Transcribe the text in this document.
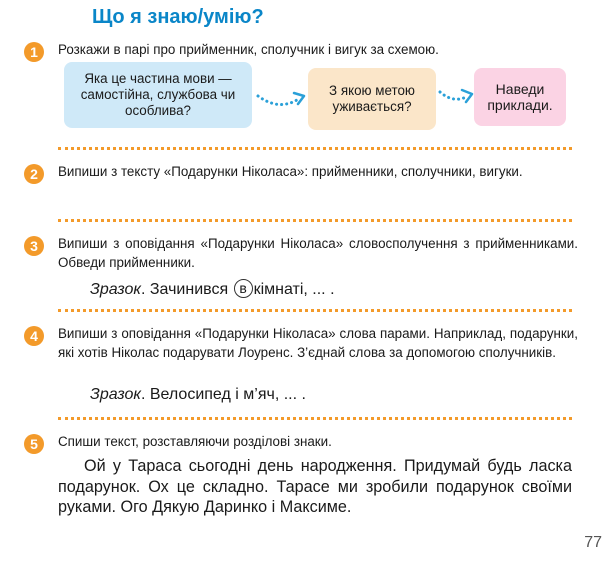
Що я знаю/умію?
1	Розкажи в парі про прийменник, сполучник і вигук за схемою.
Яка це частина мови — самостійна, службова чи особлива?
З якою метою уживається?
Наведи приклади.
2	Випиши з тексту «Подарунки Ніколаса»: прийменники, сполучники, вигуки.
3	Випиши з оповідання «Подарунки Ніколаса» словосполучення з прийменниками. Обведи прийменники.
Зразок. Зачинився в кімнаті, ... .
4	Випиши з оповідання «Подарунки Ніколаса» слова парами. Наприклад, подарунки, які хотів Ніколас подарувати Лоуренс. З’єднай слова за допомогою сполучників.
Зразок. Велосипед і м’яч, ... .
5	Спиши текст, розставляючи розділові знаки.
Ой у Тараса сьогодні день народження. Придумай будь ласка подарунок. Ох це складно. Тарасе ми зробили подарунок своїми руками. Ого Дякую Даринко і Максиме.
77
